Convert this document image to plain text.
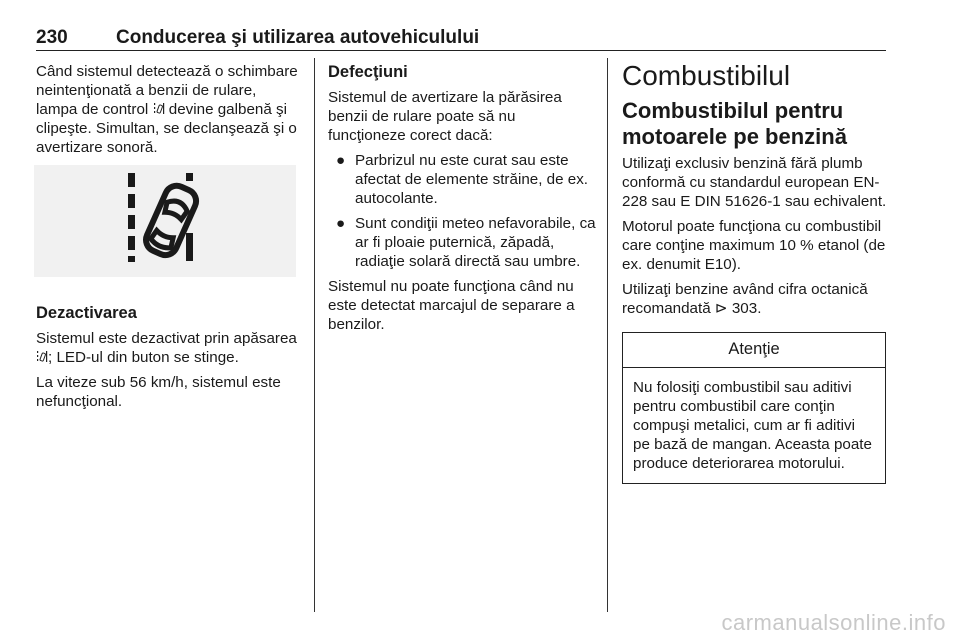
230	Conducerea şi utilizarea autovehiculului

Când sistemul detectează o schimbare neintenţionată a benzii de rulare, lampa de control devine galbenă şi clipeşte. Simultan, se declanşează şi o avertizare sonoră.

Dezactivarea

Sistemul este dezactivat prin apăsarea ; LED-ul din buton se stinge.

La viteze sub 56 km/h, sistemul este nefuncţional.

Defecţiuni

Sistemul de avertizare la părăsirea benzii de rulare poate să nu funcţioneze corect dacă:

● Parbrizul nu este curat sau este afectat de elemente străine, de ex. autocolante.
● Sunt condiţii meteo nefavorabile, ca ar fi ploaie puternică, zăpadă, radiaţie solară directă sau umbre.

Sistemul nu poate funcţiona când nu este detectat marcajul de separare a benzilor.

Combustibilul
Combustibilul pentru motoarele pe benzină

Utilizaţi exclusiv benzină fără plumb conformă cu standardul european EN-228 sau E DIN 51626-1 sau echivalent.

Motorul poate funcţiona cu combustibil care conţine maximum 10 % etanol (de ex. denumit E10).

Utilizaţi benzine având cifra octanică recomandată ⊳ 303.

Atenţie
Nu folosiţi combustibil sau aditivi pentru combustibil care conţin compuşi metalici, cum ar fi aditivi pe bază de mangan. Aceasta poate produce deteriorarea motorului.
carmanualsonline.info
